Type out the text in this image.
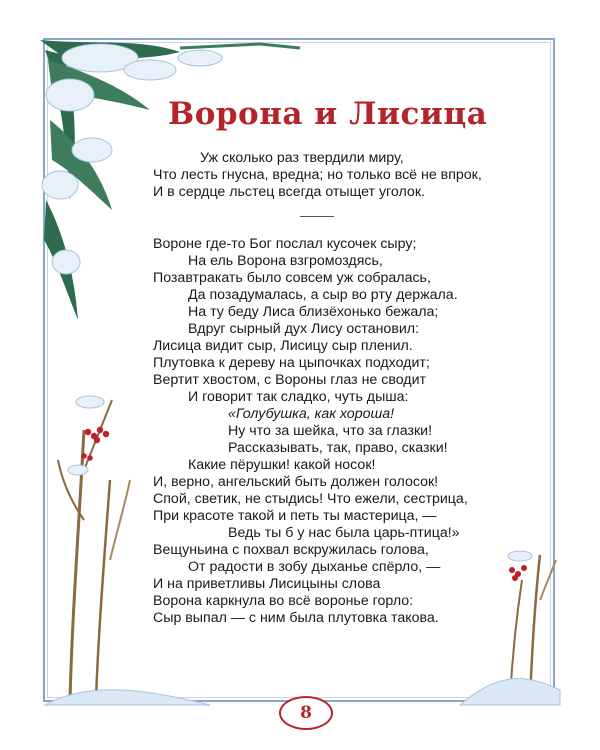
Ворона и Лисица
Уж сколько раз твердили миру,
Что лесть гнусна, вредна; но только всё не впрок,
И в сердце льстец всегда отыщет уголок.
Вороне где-то Бог послал кусочек сыру;
На ель Ворона взгромоздясь,
Позавтракать было совсем уж собралась,
Да позадумалась, а сыр во рту держала.
На ту беду Лиса близёхонько бежала;
Вдруг сырный дух Лису остановил:
Лисица видит сыр, Лисицу сыр пленил.
Плутовка к дереву на цыпочках подходит;
Вертит хвостом, с Вороны глаз не сводит
И говорит так сладко, чуть дыша:
«Голубушка, как хороша!
Ну что за шейка, что за глазки!
Рассказывать, так, право, сказки!
Какие пёрушки! какой носок!
И, верно, ангельский быть должен голосок!
Спой, светик, не стыдись! Что ежели, сестрица,
При красоте такой и петь ты мастерица, —
Ведь ты б у нас была царь-птица!»
Вещуньина с похвал вскружилась голова,
От радости в зобу дыханье спёрло, —
И на приветливы Лисицыны слова
Ворона каркнула во всё воронье горло:
Сыр выпал — с ним была плутовка такова.
8
